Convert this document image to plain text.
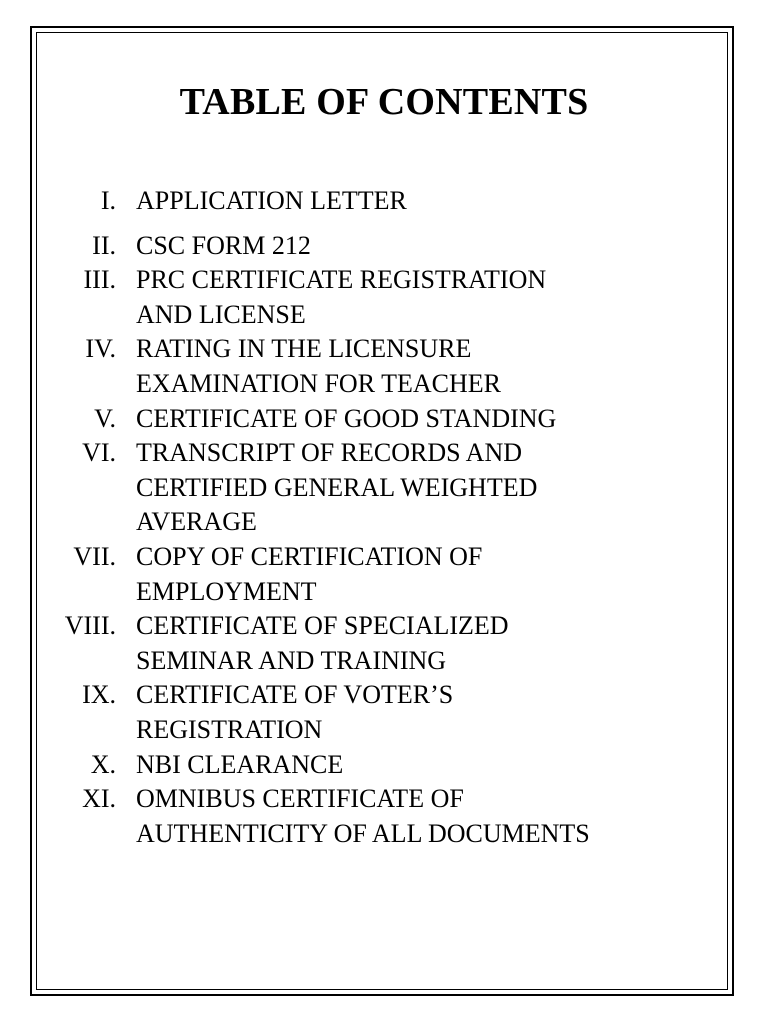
TABLE OF CONTENTS
I. APPLICATION LETTER
II. CSC FORM 212
III. PRC CERTIFICATE REGISTRATION
AND LICENSE
IV. RATING IN THE LICENSURE
EXAMINATION FOR TEACHER
V. CERTIFICATE OF GOOD STANDING
VI. TRANSCRIPT OF RECORDS AND
CERTIFIED GENERAL WEIGHTED
AVERAGE
VII. COPY OF CERTIFICATION OF
EMPLOYMENT
VIII. CERTIFICATE OF SPECIALIZED
SEMINAR AND TRAINING
IX. CERTIFICATE OF VOTER’S
REGISTRATION
X. NBI CLEARANCE
XI. OMNIBUS CERTIFICATE OF
AUTHENTICITY OF ALL DOCUMENTS
